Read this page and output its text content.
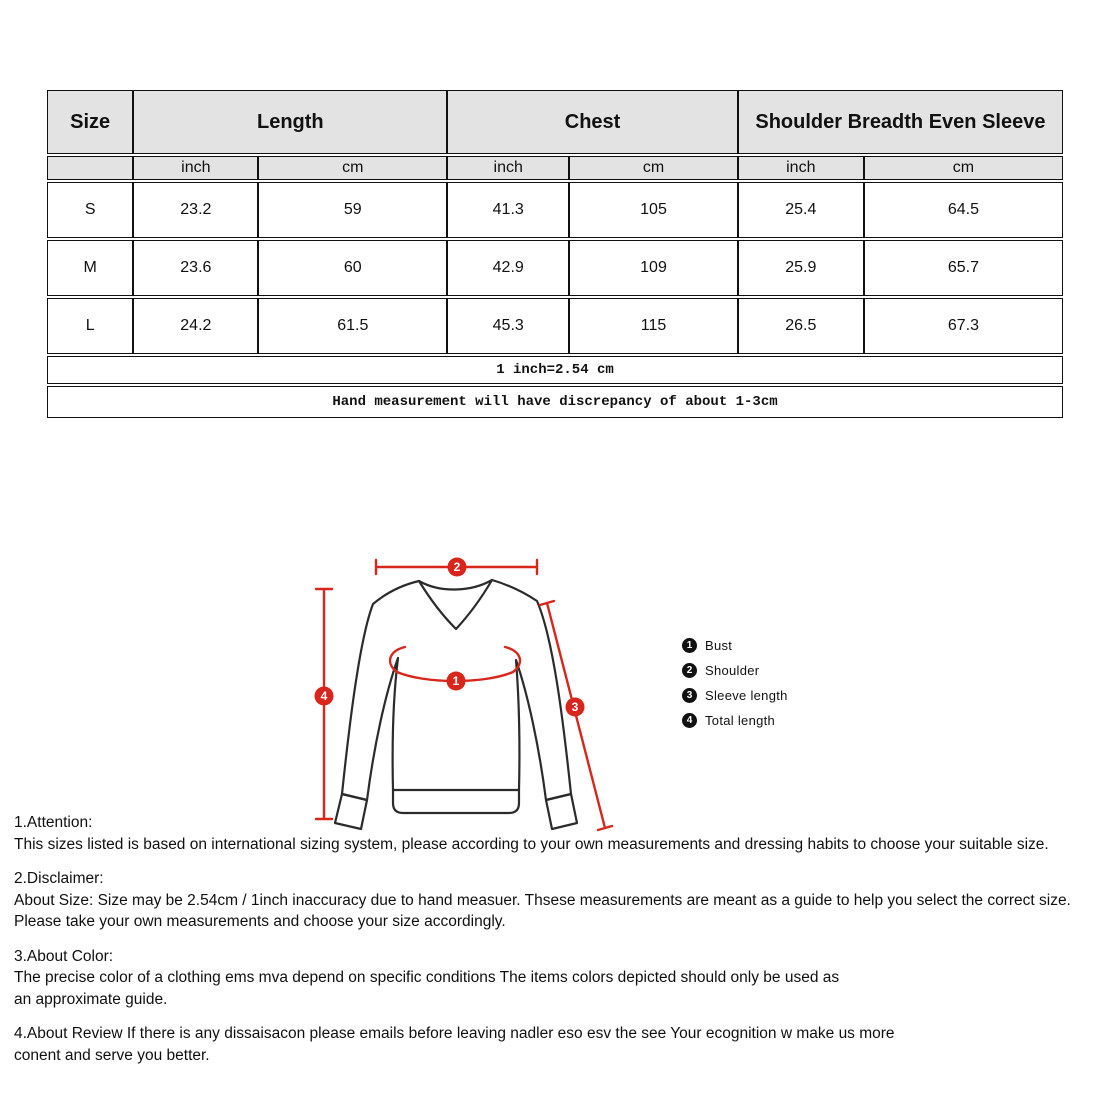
Size	Length		Chest		Shoulder Breadth Even Sleeve	
	inch	cm	inch	cm	inch	cm
S	23.2	59	41.3	105	25.4	64.5
M	23.6	60	42.9	109	25.9	65.7
L	24.2	61.5	45.3	115	26.5	67.3
1 inch=2.54 cm						
Hand measurement will have discrepancy of about 1-3cm						
2
4
3
1
1 Bust
2 Shoulder
3 Sleeve length
4 Total length
1.Attention:
This sizes listed is based on international sizing system, please according to your own measurements and dressing habits to choose your suitable size.
2.Disclaimer:
About Size: Size may be 2.54cm / 1inch inaccuracy due to hand measuer. Thsese measurements are meant as a guide to help you select the correct size.
Please take your own measurements and choose your size accordingly.
3.About Color:
The precise color of a clothing ems mva depend on specific conditions The items colors depicted should only be used as
an approximate guide.
4.About Review If there is any dissaisacon please emails before leaving nadler eso esv the see Your ecognition w make us more
conent and serve you better.
